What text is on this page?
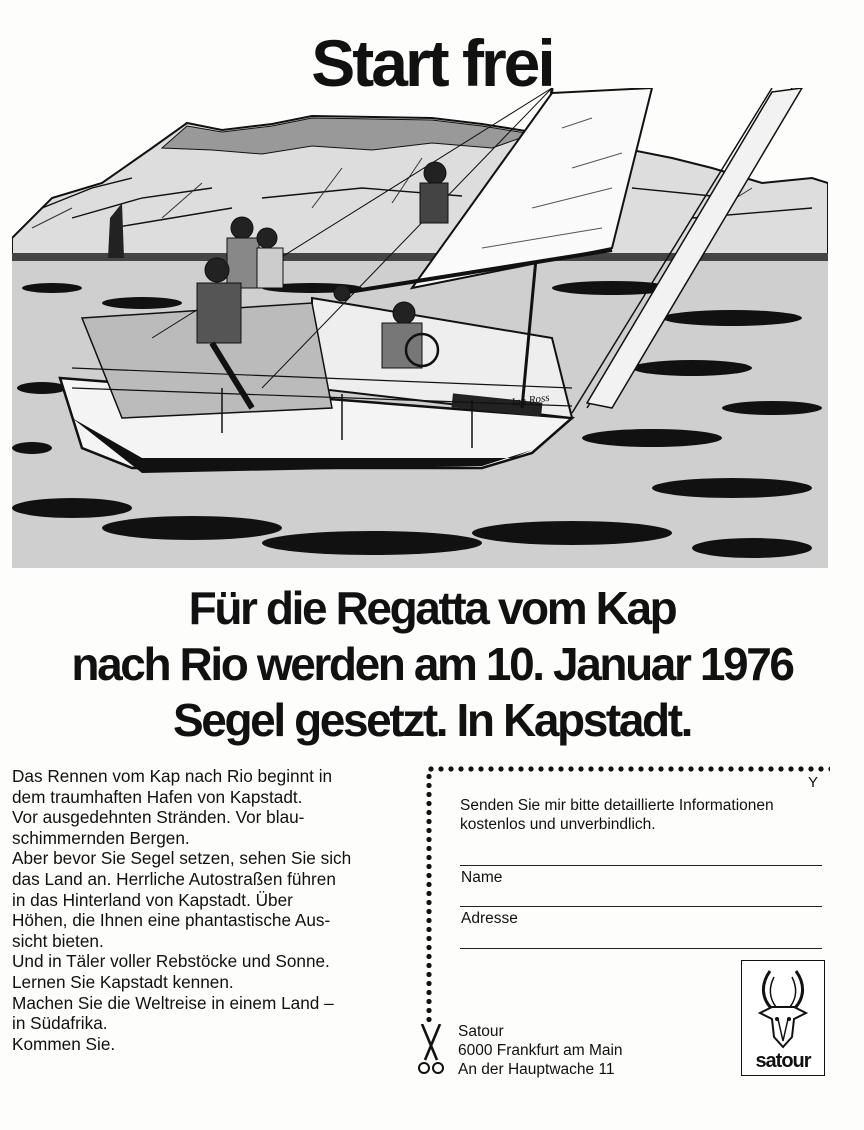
Start frei
Ian Ross
Für die Regatta vom Kap
nach Rio werden am 10. Januar 1976
Segel gesetzt. In Kapstadt.
Das Rennen vom Kap nach Rio beginnt in
dem traumhaften Hafen von Kapstadt.
Vor ausgedehnten Stränden. Vor blau-
schimmernden Bergen.
Aber bevor Sie Segel setzen, sehen Sie sich
das Land an. Herrliche Autostraßen führen
in das Hinterland von Kapstadt. Über
Höhen, die Ihnen eine phantastische Aus-
sicht bieten.
Und in Täler voller Rebstöcke und Sonne.
Lernen Sie Kapstadt kennen.
Machen Sie die Weltreise in einem Land –
in Südafrika.
Kommen Sie.
Y
Senden Sie mir bitte detaillierte Informationen
kostenlos und unverbindlich.
Name
Adresse
Satour
6000 Frankfurt am Main
An der Hauptwache 11	satour
